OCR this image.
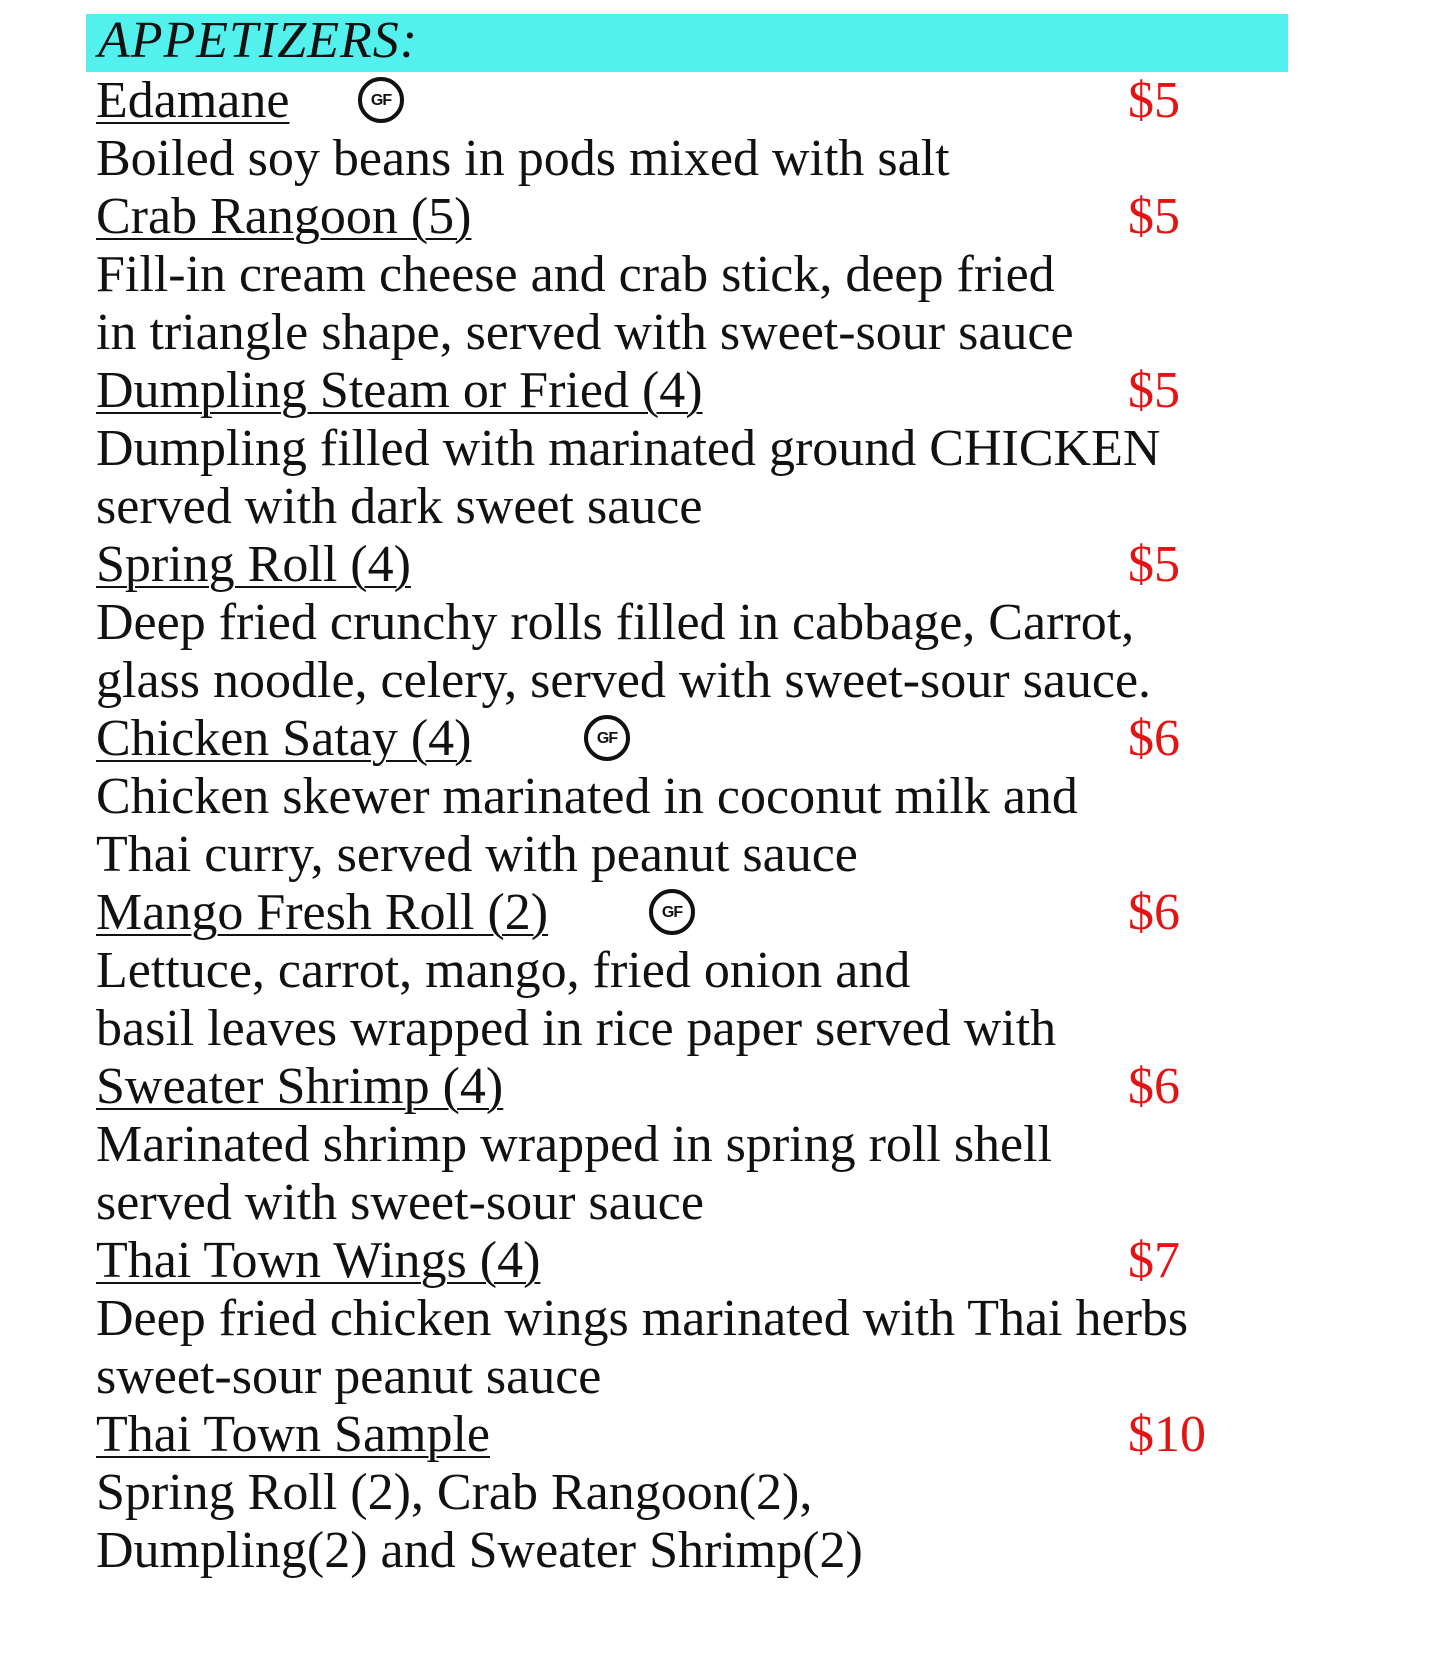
APPETIZERS:
Edamane	GF	$5
Boiled soy beans in pods mixed with salt
Crab Rangoon (5)	$5
Fill-in cream cheese and crab stick, deep fried
in triangle shape, served with sweet-sour sauce
Dumpling Steam or Fried (4)	$5
Dumpling filled with marinated ground CHICKEN
served with dark sweet sauce
Spring Roll (4)	$5
Deep fried crunchy rolls filled in cabbage, Carrot,
glass noodle, celery, served with sweet-sour sauce.
Chicken Satay (4)	GF	$6
Chicken skewer marinated in coconut milk and
Thai curry, served with peanut sauce
Mango Fresh Roll (2)	GF	$6
Lettuce, carrot, mango, fried onion and
basil leaves wrapped in rice paper served with
Sweater Shrimp (4)	$6
Marinated shrimp wrapped in spring roll shell
served with sweet-sour sauce
Thai Town Wings (4)	$7
Deep fried chicken wings marinated with Thai herbs
sweet-sour peanut sauce
Thai Town Sample	$10
Spring Roll (2), Crab Rangoon(2),
Dumpling(2) and Sweater Shrimp(2)
